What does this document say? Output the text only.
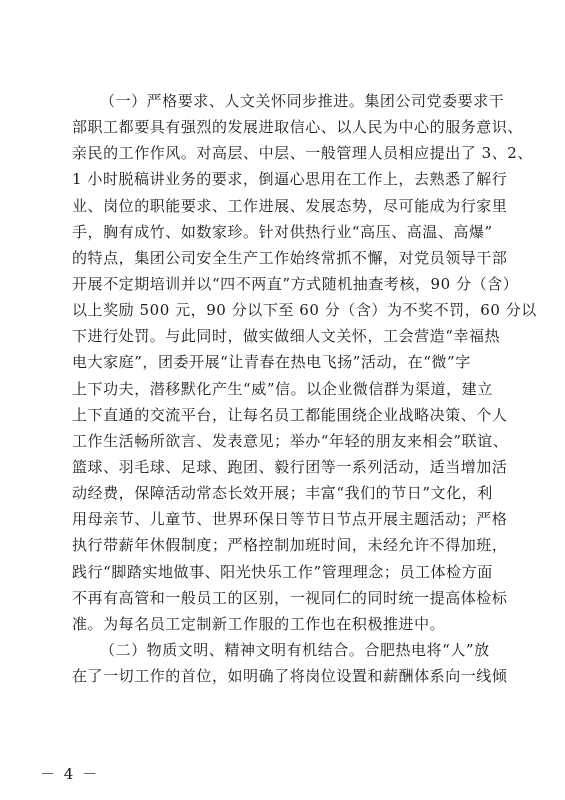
（一）严格要求、人文关怀同步推进。集团公司党委要求干
部职工都要具有强烈的发展进取信心、以人民为中心的服务意识、
亲民的工作作风。对高层、中层、一般管理人员相应提出了 3、2、
1 小时脱稿讲业务的要求，倒逼心思用在工作上，去熟悉了解行
业、岗位的职能要求、工作进展、发展态势，尽可能成为行家里
手，胸有成竹、如数家珍。针对供热行业“高压、高温、高爆”
的特点，集团公司安全生产工作始终常抓不懈，对党员领导干部
开展不定期培训并以“四不两直”方式随机抽查考核，90 分（含）
以上奖励 500 元，90 分以下至 60 分（含）为不奖不罚，60 分以
下进行处罚。与此同时，做实做细人文关怀，工会营造“幸福热
电大家庭”，团委开展“让青春在热电飞扬”活动，在“微”字
上下功夫，潜移默化产生“威”信。以企业微信群为渠道，建立
上下直通的交流平台，让每名员工都能围绕企业战略决策、个人
工作生活畅所欲言、发表意见；举办“年轻的朋友来相会”联谊、
篮球、羽毛球、足球、跑团、毅行团等一系列活动，适当增加活
动经费，保障活动常态长效开展；丰富“我们的节日”文化，利
用母亲节、儿童节、世界环保日等节日节点开展主题活动；严格
执行带薪年休假制度；严格控制加班时间，未经允许不得加班，
践行“脚踏实地做事、阳光快乐工作”管理理念；员工体检方面
不再有高管和一般员工的区别，一视同仁的同时统一提高体检标
准。为每名员工定制新工作服的工作也在积极推进中。
（二）物质文明、精神文明有机结合。合肥热电将“人”放
在了一切工作的首位，如明确了将岗位设置和薪酬体系向一线倾
－ 4 －
